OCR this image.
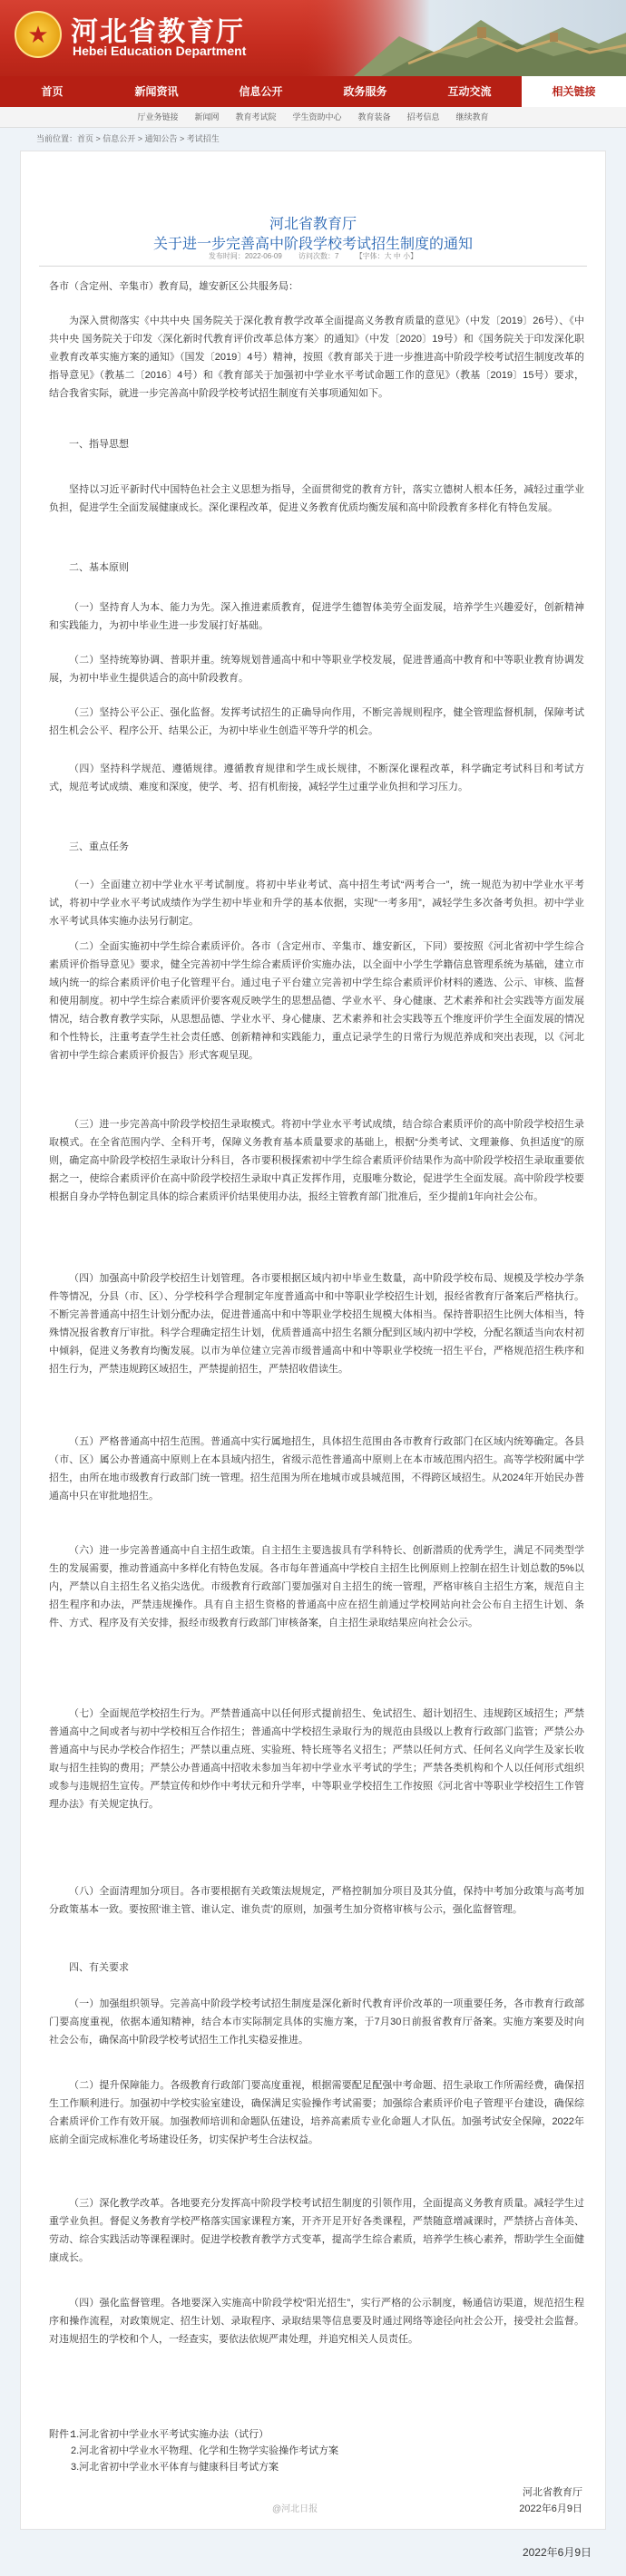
★
河北省教育厅
Hebei Education Department
首页	新闻资讯	信息公开	政务服务	互动交流	相关链接
厅业务链接 新闻网 教育考试院 学生资助中心 教育装备 招考信息 继续教育
当前位置：首页 > 信息公开 > 通知公告 > 考试招生

河北省教育厅

关于进一步完善高中阶段学校考试招生制度的通知

发布时间：2022-06-09 访问次数：7 【字体：大 中 小】

各市（含定州、辛集市）教育局，雄安新区公共服务局：

为深入贯彻落实《中共中央 国务院关于深化教育教学改革全面提高义务教育质量的意见》（中发〔2019〕26号）、《中共中央 国务院关于印发〈深化新时代教育评价改革总体方案〉的通知》（中发〔2020〕19号）和《国务院关于印发深化职业教育改革实施方案的通知》（国发〔2019〕4号）精神，按照《教育部关于进一步推进高中阶段学校考试招生制度改革的指导意见》（教基二〔2016〕4号）和《教育部关于加强初中学业水平考试命题工作的意见》（教基〔2019〕15号）要求，结合我省实际，就进一步完善高中阶段学校考试招生制度有关事项通知如下。

一、指导思想

坚持以习近平新时代中国特色社会主义思想为指导，全面贯彻党的教育方针，落实立德树人根本任务，减轻过重学业负担，促进学生全面发展健康成长。深化课程改革，促进义务教育优质均衡发展和高中阶段教育多样化有特色发展。

二、基本原则

（一）坚持育人为本、能力为先。深入推进素质教育，促进学生德智体美劳全面发展，培养学生兴趣爱好，创新精神和实践能力，为初中毕业生进一步发展打好基础。

（二）坚持统筹协调、普职并重。统筹规划普通高中和中等职业学校发展，促进普通高中教育和中等职业教育协调发展，为初中毕业生提供适合的高中阶段教育。

（三）坚持公平公正、强化监督。发挥考试招生的正确导向作用，不断完善规则程序，健全管理监督机制，保障考试招生机会公平、程序公开、结果公正，为初中毕业生创造平等升学的机会。

（四）坚持科学规范、遵循规律。遵循教育规律和学生成长规律，不断深化课程改革，科学确定考试科目和考试方式，规范考试成绩、难度和深度，使学、考、招有机衔接，减轻学生过重学业负担和学习压力。

三、重点任务

（一）全面建立初中学业水平考试制度。将初中毕业考试、高中招生考试“两考合一”，统一规范为初中学业水平考试，将初中学业水平考试成绩作为学生初中毕业和升学的基本依据，实现“一考多用”，减轻学生多次备考负担。初中学业水平考试具体实施办法另行制定。

（二）全面实施初中学生综合素质评价。各市（含定州市、辛集市、雄安新区，下同）要按照《河北省初中学生综合素质评价指导意见》要求，健全完善初中学生综合素质评价实施办法，以全面中小学生学籍信息管理系统为基础，建立市域内统一的综合素质评价电子化管理平台。通过电子平台建立完善初中学生综合素质评价材料的遴选、公示、审核、监督和使用制度。初中学生综合素质评价要客观反映学生的思想品德、学业水平、身心健康、艺术素养和社会实践等方面发展情况，结合教育教学实际，从思想品德、学业水平、身心健康、艺术素养和社会实践等五个维度评价学生全面发展的情况和个性特长，注重考查学生社会责任感、创新精神和实践能力，重点记录学生的日常行为规范养成和突出表现，以《河北省初中学生综合素质评价报告》形式客观呈现。

（三）进一步完善高中阶段学校招生录取模式。将初中学业水平考试成绩，结合综合素质评价的高中阶段学校招生录取模式。在全省范围内学、全科开考，保障义务教育基本质量要求的基础上，根据“分类考试、文理兼修、负担适度”的原则，确定高中阶段学校招生录取计分科目，各市要积极探索初中学生综合素质评价结果作为高中阶段学校招生录取重要依据之一，使综合素质评价在高中阶段学校招生录取中真正发挥作用，克服唯分数论，促进学生全面发展。高中阶段学校要根据自身办学特色制定具体的综合素质评价结果使用办法，报经主管教育部门批准后，至少提前1年向社会公布。

（四）加强高中阶段学校招生计划管理。各市要根据区域内初中毕业生数量，高中阶段学校布局、规模及学校办学条件等情况，分县（市、区）、分学校科学合理制定年度普通高中和中等职业学校招生计划，报经省教育厅备案后严格执行。不断完善普通高中招生计划分配办法，促进普通高中和中等职业学校招生规模大体相当。保持普职招生比例大体相当，特殊情况报省教育厅审批。科学合理确定招生计划，优质普通高中招生名额分配到区域内初中学校，分配名额适当向农村初中倾斜，促进义务教育均衡发展。以市为单位建立完善市级普通高中和中等职业学校统一招生平台，严格规范招生秩序和招生行为，严禁违规跨区域招生，严禁提前招生，严禁招收借读生。

（五）严格普通高中招生范围。普通高中实行属地招生，具体招生范围由各市教育行政部门在区域内统筹确定。各县（市、区）属公办普通高中原则上在本县域内招生，省级示范性普通高中原则上在本市域范围内招生。高等学校附属中学招生，由所在地市级教育行政部门统一管理。招生范围为所在地城市或县城范围，不得跨区域招生。从2024年开始民办普通高中只在审批地招生。

（六）进一步完善普通高中自主招生政策。自主招生主要选拔具有学科特长、创新潜质的优秀学生，满足不同类型学生的发展需要，推动普通高中多样化有特色发展。各市每年普通高中学校自主招生比例原则上控制在招生计划总数的5%以内，严禁以自主招生名义掐尖选优。市级教育行政部门要加强对自主招生的统一管理，严格审核自主招生方案，规范自主招生程序和办法，严禁违规操作。具有自主招生资格的普通高中应在招生前通过学校网站向社会公布自主招生计划、条件、方式、程序及有关安排，报经市级教育行政部门审核备案，自主招生录取结果应向社会公示。

（七）全面规范学校招生行为。严禁普通高中以任何形式提前招生、免试招生、超计划招生、违规跨区域招生；严禁普通高中之间或者与初中学校相互合作招生；普通高中学校招生录取行为的规范由县级以上教育行政部门监管；严禁公办普通高中与民办学校合作招生；严禁以重点班、实验班、特长班等名义招生；严禁以任何方式、任何名义向学生及家长收取与招生挂钩的费用；严禁公办普通高中招收未参加当年初中学业水平考试的学生；严禁各类机构和个人以任何形式组织或参与违规招生宣传。严禁宣传和炒作中考状元和升学率，中等职业学校招生工作按照《河北省中等职业学校招生工作管理办法》有关规定执行。

（八）全面清理加分项目。各市要根据有关政策法规规定，严格控制加分项目及其分值，保持中考加分政策与高考加分政策基本一致。要按照‘谁主管、谁认定、谁负责’的原则，加强考生加分资格审核与公示，强化监督管理。

四、有关要求

（一）加强组织领导。完善高中阶段学校考试招生制度是深化新时代教育评价改革的一项重要任务，各市教育行政部门要高度重视，依据本通知精神，结合本市实际制定具体的实施方案，于7月30日前报省教育厅备案。实施方案要及时向社会公布，确保高中阶段学校考试招生工作扎实稳妥推进。

（二）提升保障能力。各级教育行政部门要高度重视，根据需要配足配强中考命题、招生录取工作所需经费，确保招生工作顺利进行。加强初中学校实验室建设，确保满足实验操作考试需要；加强综合素质评价电子管理平台建设，确保综合素质评价工作有效开展。加强教师培训和命题队伍建设，培养高素质专业化命题人才队伍。加强考试安全保障，2022年底前全面完成标准化考场建设任务，切实保护考生合法权益。

（三）深化教学改革。各地要充分发挥高中阶段学校考试招生制度的引领作用，全面提高义务教育质量。减轻学生过重学业负担。督促义务教育学校严格落实国家课程方案，开齐开足开好各类课程，严禁随意增减课时，严禁挤占音体美、劳动、综合实践活动等课程课时。促进学校教育教学方式变革，提高学生综合素质，培养学生核心素养，帮助学生全面健康成长。

（四）强化监督管理。各地要深入实施高中阶段学校“阳光招生”，实行严格的公示制度，畅通信访渠道，规范招生程序和操作流程，对政策规定、招生计划、录取程序、录取结果等信息要及时通过网络等途径向社会公开，接受社会监督。对违规招生的学校和个人，一经查实，要依法依规严肃处理，并追究相关人员责任。

附件：
1.河北省初中学业水平考试实施办法（试行）
2.河北省初中学业水平物理、化学和生物学实验操作考试方案
3.河北省初中学业水平体育与健康科目考试方案
河北省教育厅
2022年6月9日
@河北日报
2022年6月9日
